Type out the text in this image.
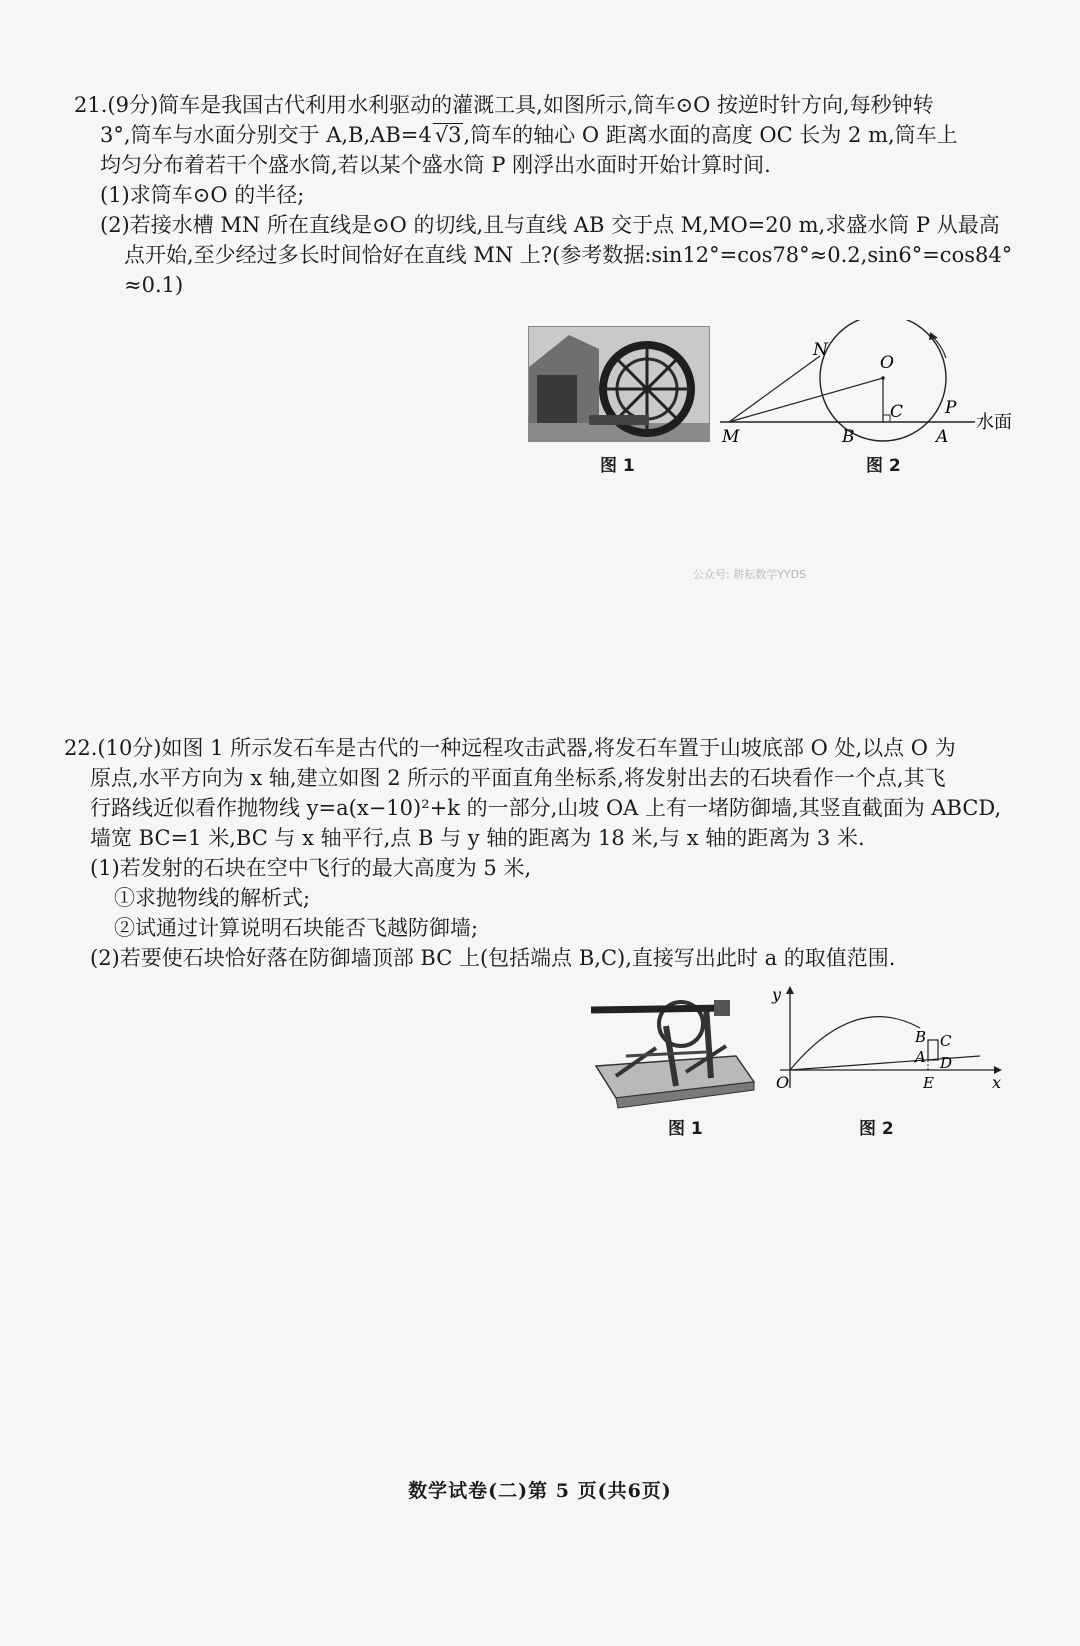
21.(9分)简车是我国古代利用水利驱动的灌溉工具,如图所示,筒车⊙O 按逆时针方向,每秒钟转
3°,筒车与水面分别交于 A,B,AB=4 √3,筒车的轴心 O 距离水面的高度 OC 长为 2 m,筒车上
均匀分布着若干个盛水筒,若以某个盛水筒 P 刚浮出水面时开始计算时间.
(1)求筒车⊙O 的半径;
(2)若接水槽 MN 所在直线是⊙O 的切线,且与直线 AB 交于点 M,MO=20 m,求盛水筒 P 从最高
点开始,至少经过多长时间恰好在直线 MN 上?(参考数据:sin12°=cos78°≈0.2,sin6°=cos84°
≈0.1)
图 1
N
O
C P
M	B	A
水面
图 2
公众号: 耕耘数学YYDS
22.(10分)如图 1 所示发石车是古代的一种远程攻击武器,将发石车置于山坡底部 O 处,以点 O 为
原点,水平方向为 x 轴,建立如图 2 所示的平面直角坐标系,将发射出去的石块看作一个点,其飞
行路线近似看作抛物线 y=a(x−10)²+k 的一部分,山坡 OA 上有一堵防御墙,其竖直截面为 ABCD,
墙宽 BC=1 米,BC 与 x 轴平行,点 B 与 y 轴的距离为 18 米,与 x 轴的距离为 3 米.
(1)若发射的石块在空中飞行的最大高度为 5 米,
①求抛物线的解析式;
②试通过计算说明石块能否飞越防御墙;
(2)若要使石块恰好落在防御墙顶部 BC 上(包括端点 B,C),直接写出此时 a 的取值范围.
图 1
y
x
O
B C
A D
E
图 2
数学试卷(二)第 5 页(共6页)
